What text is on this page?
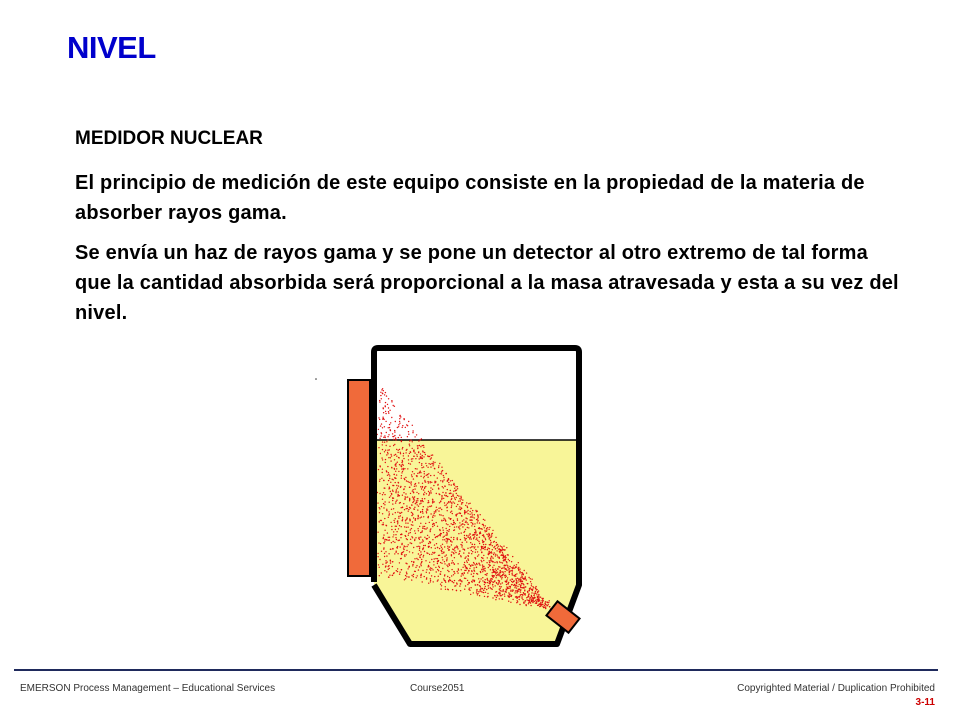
NIVEL
MEDIDOR NUCLEAR
El principio de medición de este equipo consiste en la propiedad de la materia de absorber rayos gama.
Se envía un haz de rayos gama y se pone un detector al otro extremo de tal forma que la cantidad absorbida será proporcional a la masa atravesada y esta a su vez del nivel.
EMERSON Process Management – Educational Services	Course2051	Copyrighted Material / Duplication Prohibited
3-11
